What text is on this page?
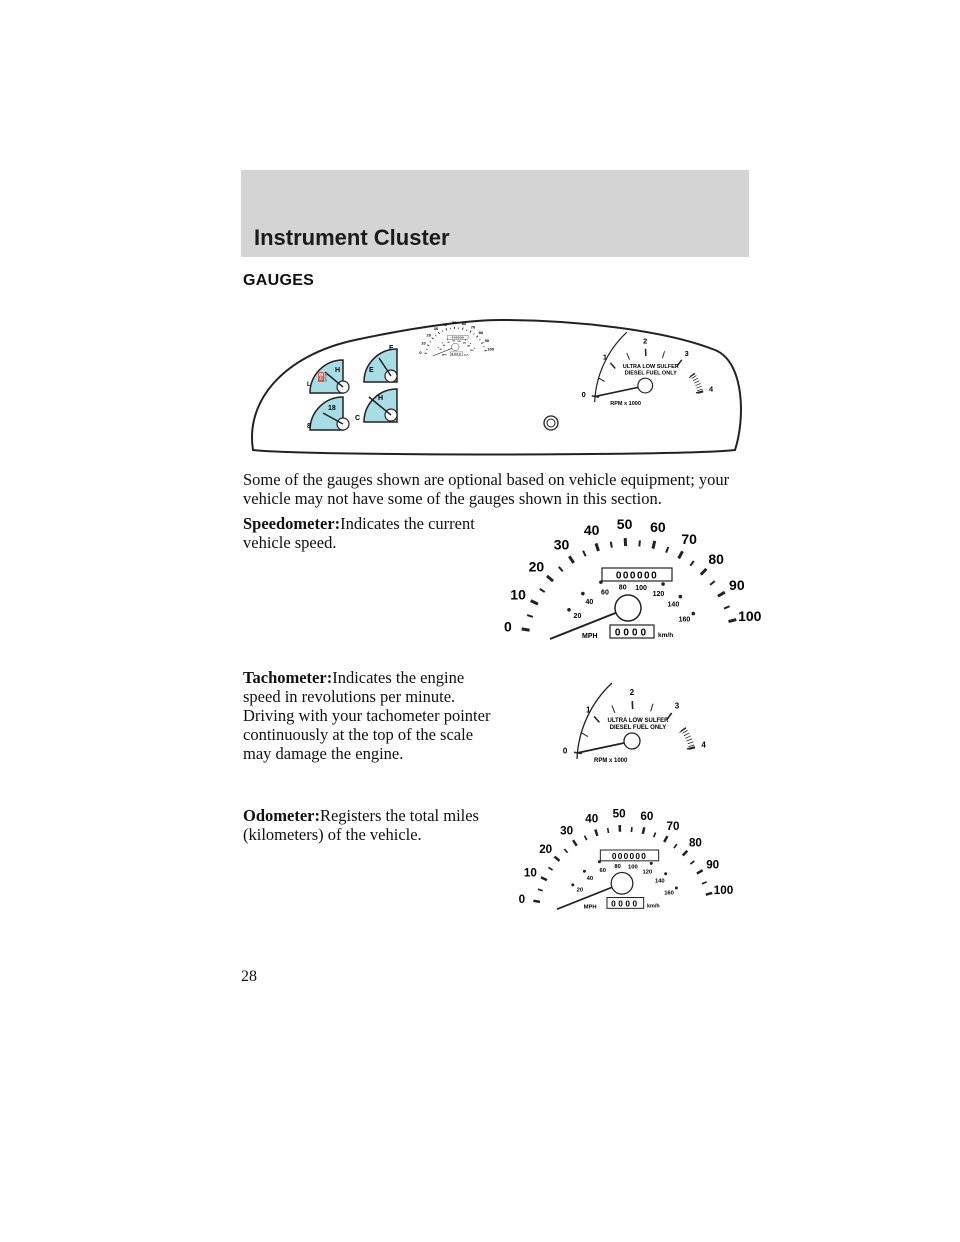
Instrument Cluster
GAUGES
H
L
⛽
18
8
F
E
H
C
Some of the gauges shown are optional based on vehicle equipment; your vehicle may not have some of the gauges shown in this section.
Speedometer:Indicates the current vehicle speed.
Tachometer:Indicates the engine speed in revolutions per minute. Driving with your tachometer pointer continuously at the top of the scale may damage the engine.
Odometer:Registers the total miles (kilometers) of the vehicle.
28
